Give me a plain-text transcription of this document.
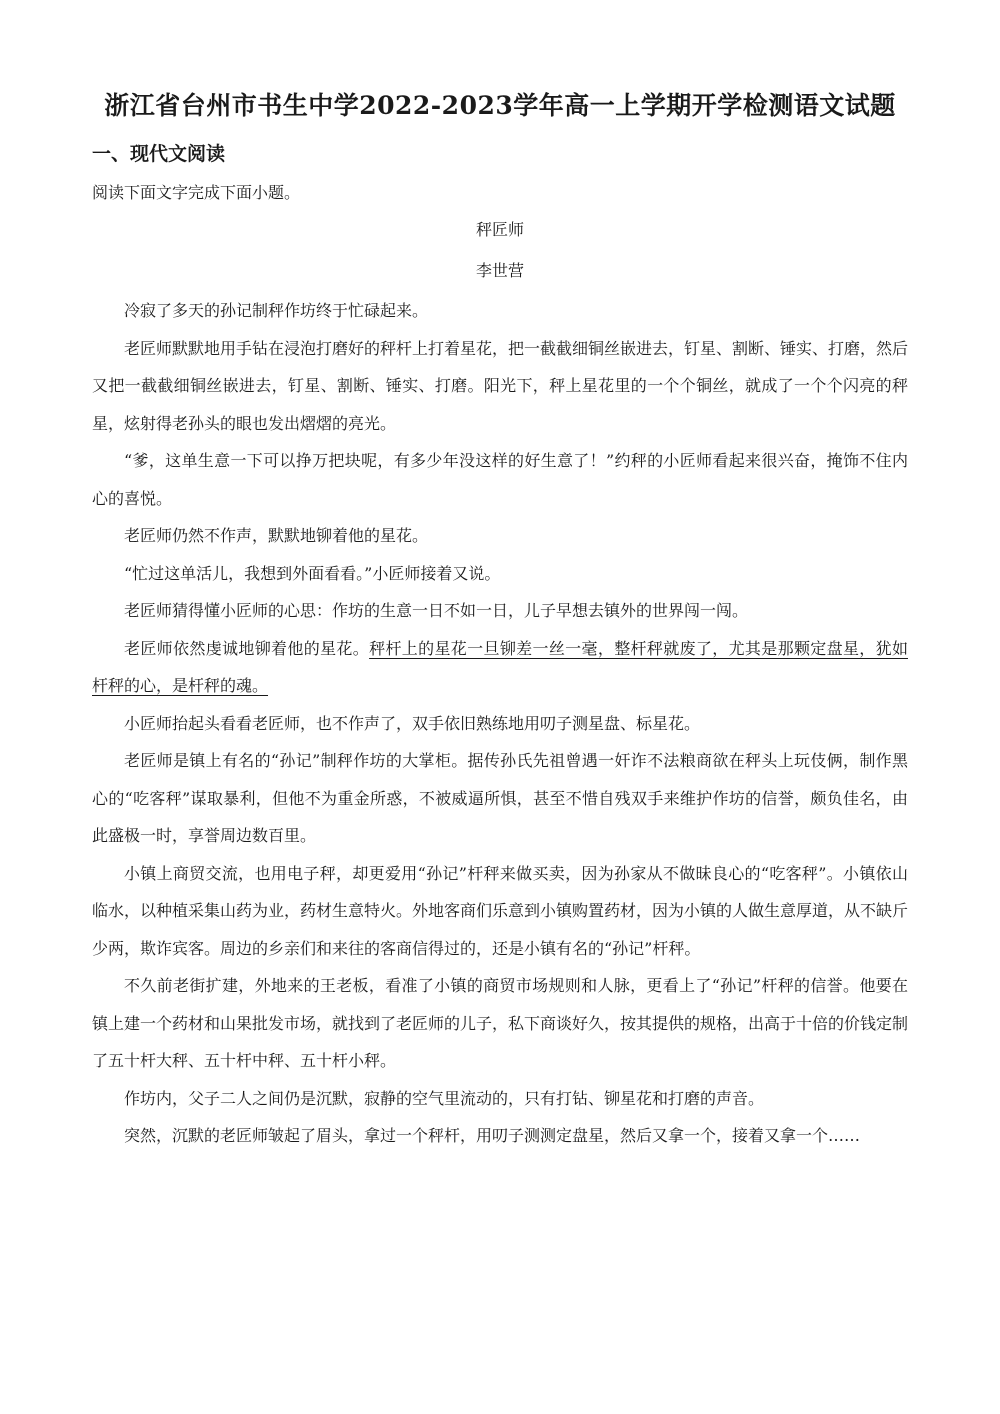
浙江省台州市书生中学2022-2023学年高一上学期开学检测语文试题
一、现代文阅读
阅读下面文字完成下面小题。
秤匠师
李世营

冷寂了多天的孙记制秤作坊终于忙碌起来。

老匠师默默地用手钻在浸泡打磨好的秤杆上打着星花，把一截截细铜丝嵌进去，钉星、割断、锤实、打磨，然后又把一截截细铜丝嵌进去，钉星、割断、锤实、打磨。阳光下，秤上星花里的一个个铜丝，就成了一个个闪亮的秤星，炫射得老孙头的眼也发出熠熠的亮光。

“爹，这单生意一下可以挣万把块呢，有多少年没这样的好生意了！”约秤的小匠师看起来很兴奋，掩饰不住内心的喜悦。

老匠师仍然不作声，默默地铆着他的星花。

“忙过这单活儿，我想到外面看看。”小匠师接着又说。

老匠师猜得懂小匠师的心思：作坊的生意一日不如一日，儿子早想去镇外的世界闯一闯。

老匠师依然虔诚地铆着他的星花。秤杆上的星花一旦铆差一丝一毫，整杆秤就废了，尤其是那颗定盘星，犹如杆秤的心，是杆秤的魂。

小匠师抬起头看看老匠师，也不作声了，双手依旧熟练地用叨子测星盘、标星花。

老匠师是镇上有名的“孙记”制秤作坊的大掌柜。据传孙氏先祖曾遇一奸诈不法粮商欲在秤头上玩伎俩，制作黑心的“吃客秤”谋取暴利，但他不为重金所惑，不被威逼所惧，甚至不惜自残双手来维护作坊的信誉，颇负佳名，由此盛极一时，享誉周边数百里。

小镇上商贸交流，也用电子秤，却更爱用“孙记”杆秤来做买卖，因为孙家从不做昧良心的“吃客秤”。小镇依山临水，以种植采集山药为业，药材生意特火。外地客商们乐意到小镇购置药材，因为小镇的人做生意厚道，从不缺斤少两，欺诈宾客。周边的乡亲们和来往的客商信得过的，还是小镇有名的“孙记”杆秤。

不久前老街扩建，外地来的王老板，看准了小镇的商贸市场规则和人脉，更看上了“孙记”杆秤的信誉。他要在镇上建一个药材和山果批发市场，就找到了老匠师的儿子，私下商谈好久，按其提供的规格，出高于十倍的价钱定制了五十杆大秤、五十杆中秤、五十杆小秤。

作坊内，父子二人之间仍是沉默，寂静的空气里流动的，只有打钻、铆星花和打磨的声音。

突然，沉默的老匠师皱起了眉头，拿过一个秤杆，用叨子测测定盘星，然后又拿一个，接着又拿一个……
